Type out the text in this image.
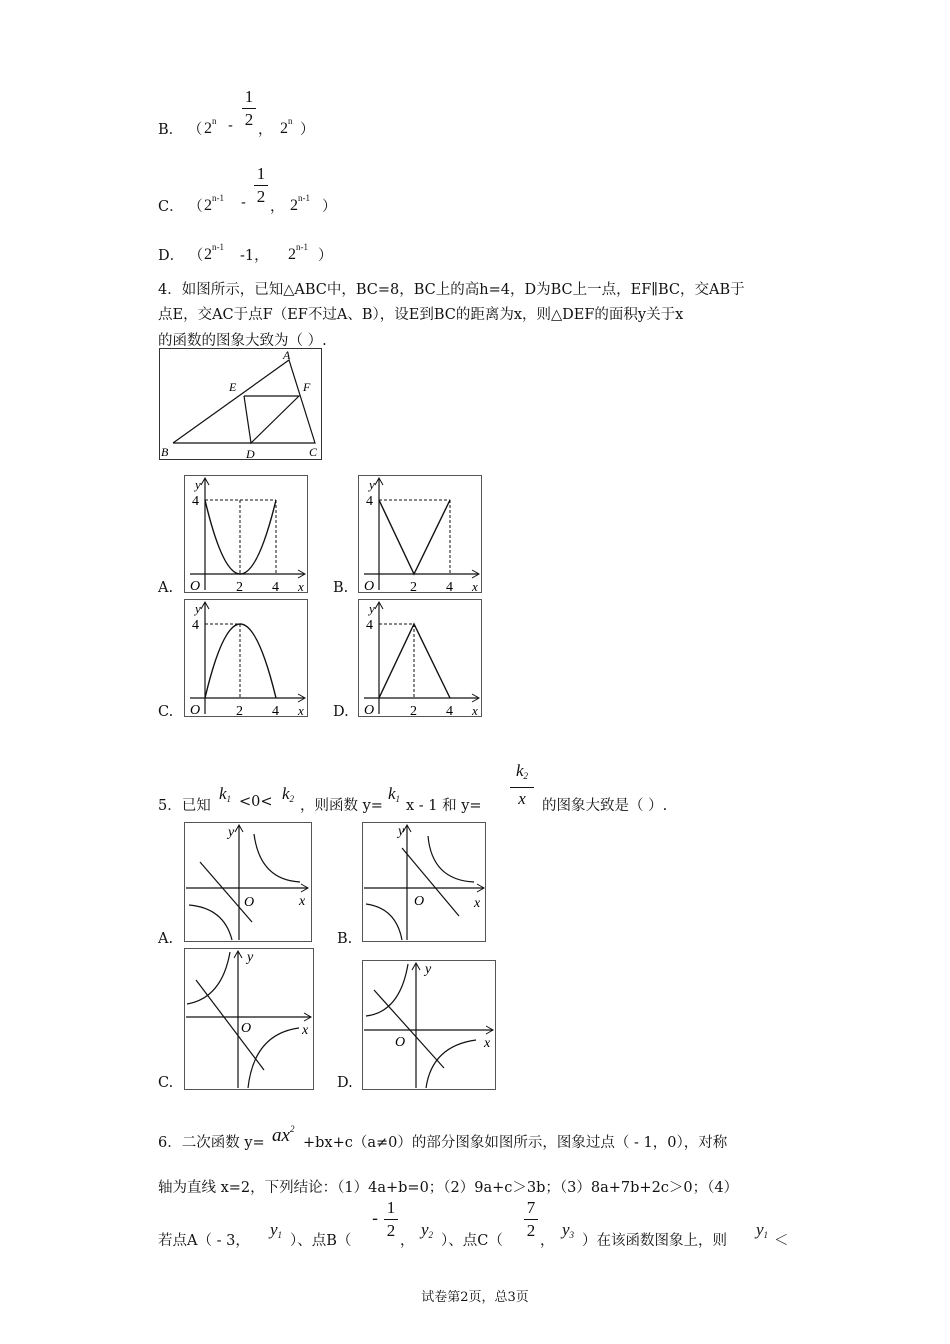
B． （ 2$^n$ -
1
2
， 2$^n$
）
C． （ 2$^{n-1}$ -
1
2
， 2$^{n-1}$
）
D． （ 2$^{n-1}$
-1， 2$^{n-1}$
）
4．如图所示，已知△ABC中，BC=8，BC上的高h=4，D为BC上一点，EF∥BC，交AB于
点E，交AC于点F（EF不过A、B），设E到BC的距离为x，则△DEF的面积y关于x
的函数的图象大致为（ ）.
A
B	C
D
E	F
A.
y
x
O
4
2 4	B.
y
x
O
4
2 4
C.
y
x
O
4
2 4	D.
y
x
O
4
2 4
5．已知
$k_1 <0< k_2$ ，则函数 y=
$k_1$ x - 1 和 y=
$k_2$
x	的图象大致是（ ）.
A.
y
x
O
B.
y
x
O
C.
y
x
O
D.
y
x
O
6．二次函数 $y= ax^2$
+bx+c（a≠0）的部分图象如图所示，图象过点（ - 1，0），对称
轴为直线 x=2，下列结论：（1）4a+b=0；（2）9a+c＞3b；（3）8a+7b+2c＞0；（4）
若点A（ - 3，
$y_1$ ）、点B（
-
1
2
，
$y_2$ ）、点C（
7
2
，
$y_3$ ）在该函数图象上，则
$y_1$ ＜
试卷第2页，总3页
